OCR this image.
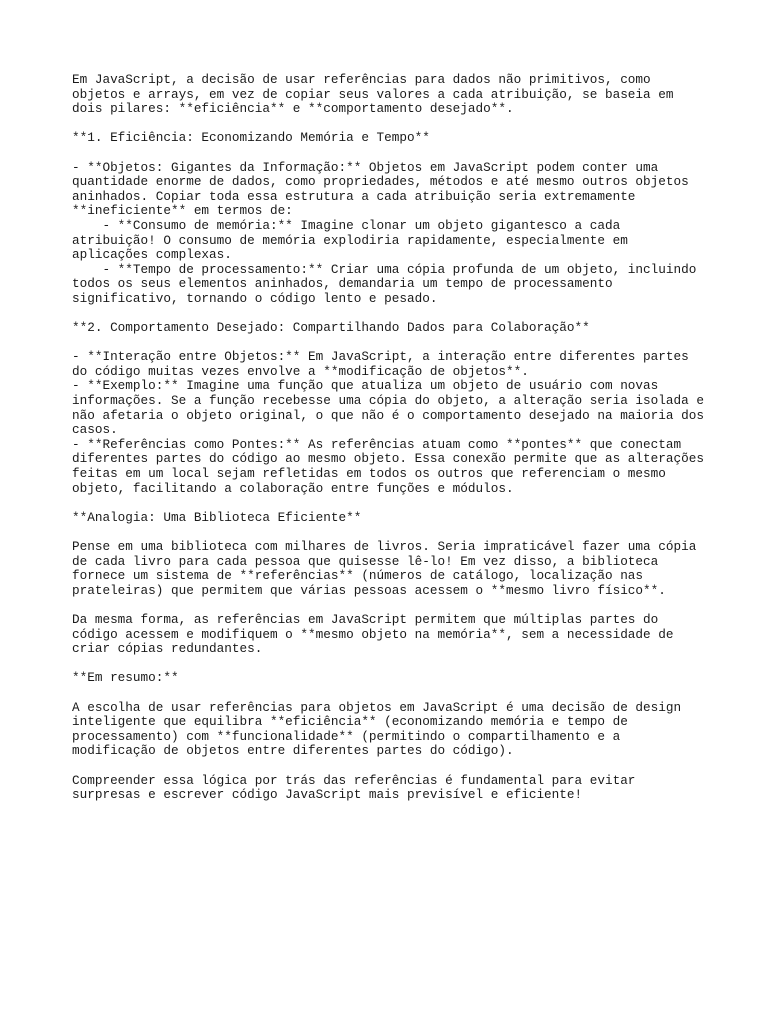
Em JavaScript, a decisão de usar referências para dados não primitivos, como
objetos e arrays, em vez de copiar seus valores a cada atribuição, se baseia em
dois pilares: **eficiência** e **comportamento desejado**.
**1. Eficiência: Economizando Memória e Tempo**
- **Objetos: Gigantes da Informação:** Objetos em JavaScript podem conter uma
quantidade enorme de dados, como propriedades, métodos e até mesmo outros objetos
aninhados. Copiar toda essa estrutura a cada atribuição seria extremamente
**ineficiente** em termos de:
- **Consumo de memória:** Imagine clonar um objeto gigantesco a cada
atribuição! O consumo de memória explodiria rapidamente, especialmente em
aplicações complexas.
- **Tempo de processamento:** Criar uma cópia profunda de um objeto, incluindo
todos os seus elementos aninhados, demandaria um tempo de processamento
significativo, tornando o código lento e pesado.
**2. Comportamento Desejado: Compartilhando Dados para Colaboração**
- **Interação entre Objetos:** Em JavaScript, a interação entre diferentes partes
do código muitas vezes envolve a **modificação de objetos**.
- **Exemplo:** Imagine uma função que atualiza um objeto de usuário com novas
informações. Se a função recebesse uma cópia do objeto, a alteração seria isolada e
não afetaria o objeto original, o que não é o comportamento desejado na maioria dos
casos.
- **Referências como Pontes:** As referências atuam como **pontes** que conectam
diferentes partes do código ao mesmo objeto. Essa conexão permite que as alterações
feitas em um local sejam refletidas em todos os outros que referenciam o mesmo
objeto, facilitando a colaboração entre funções e módulos.
**Analogia: Uma Biblioteca Eficiente**
Pense em uma biblioteca com milhares de livros. Seria impraticável fazer uma cópia
de cada livro para cada pessoa que quisesse lê-lo! Em vez disso, a biblioteca
fornece um sistema de **referências** (números de catálogo, localização nas
prateleiras) que permitem que várias pessoas acessem o **mesmo livro físico**.
Da mesma forma, as referências em JavaScript permitem que múltiplas partes do
código acessem e modifiquem o **mesmo objeto na memória**, sem a necessidade de
criar cópias redundantes.
**Em resumo:**
A escolha de usar referências para objetos em JavaScript é uma decisão de design
inteligente que equilibra **eficiência** (economizando memória e tempo de
processamento) com **funcionalidade** (permitindo o compartilhamento e a
modificação de objetos entre diferentes partes do código).
Compreender essa lógica por trás das referências é fundamental para evitar
surpresas e escrever código JavaScript mais previsível e eficiente!
